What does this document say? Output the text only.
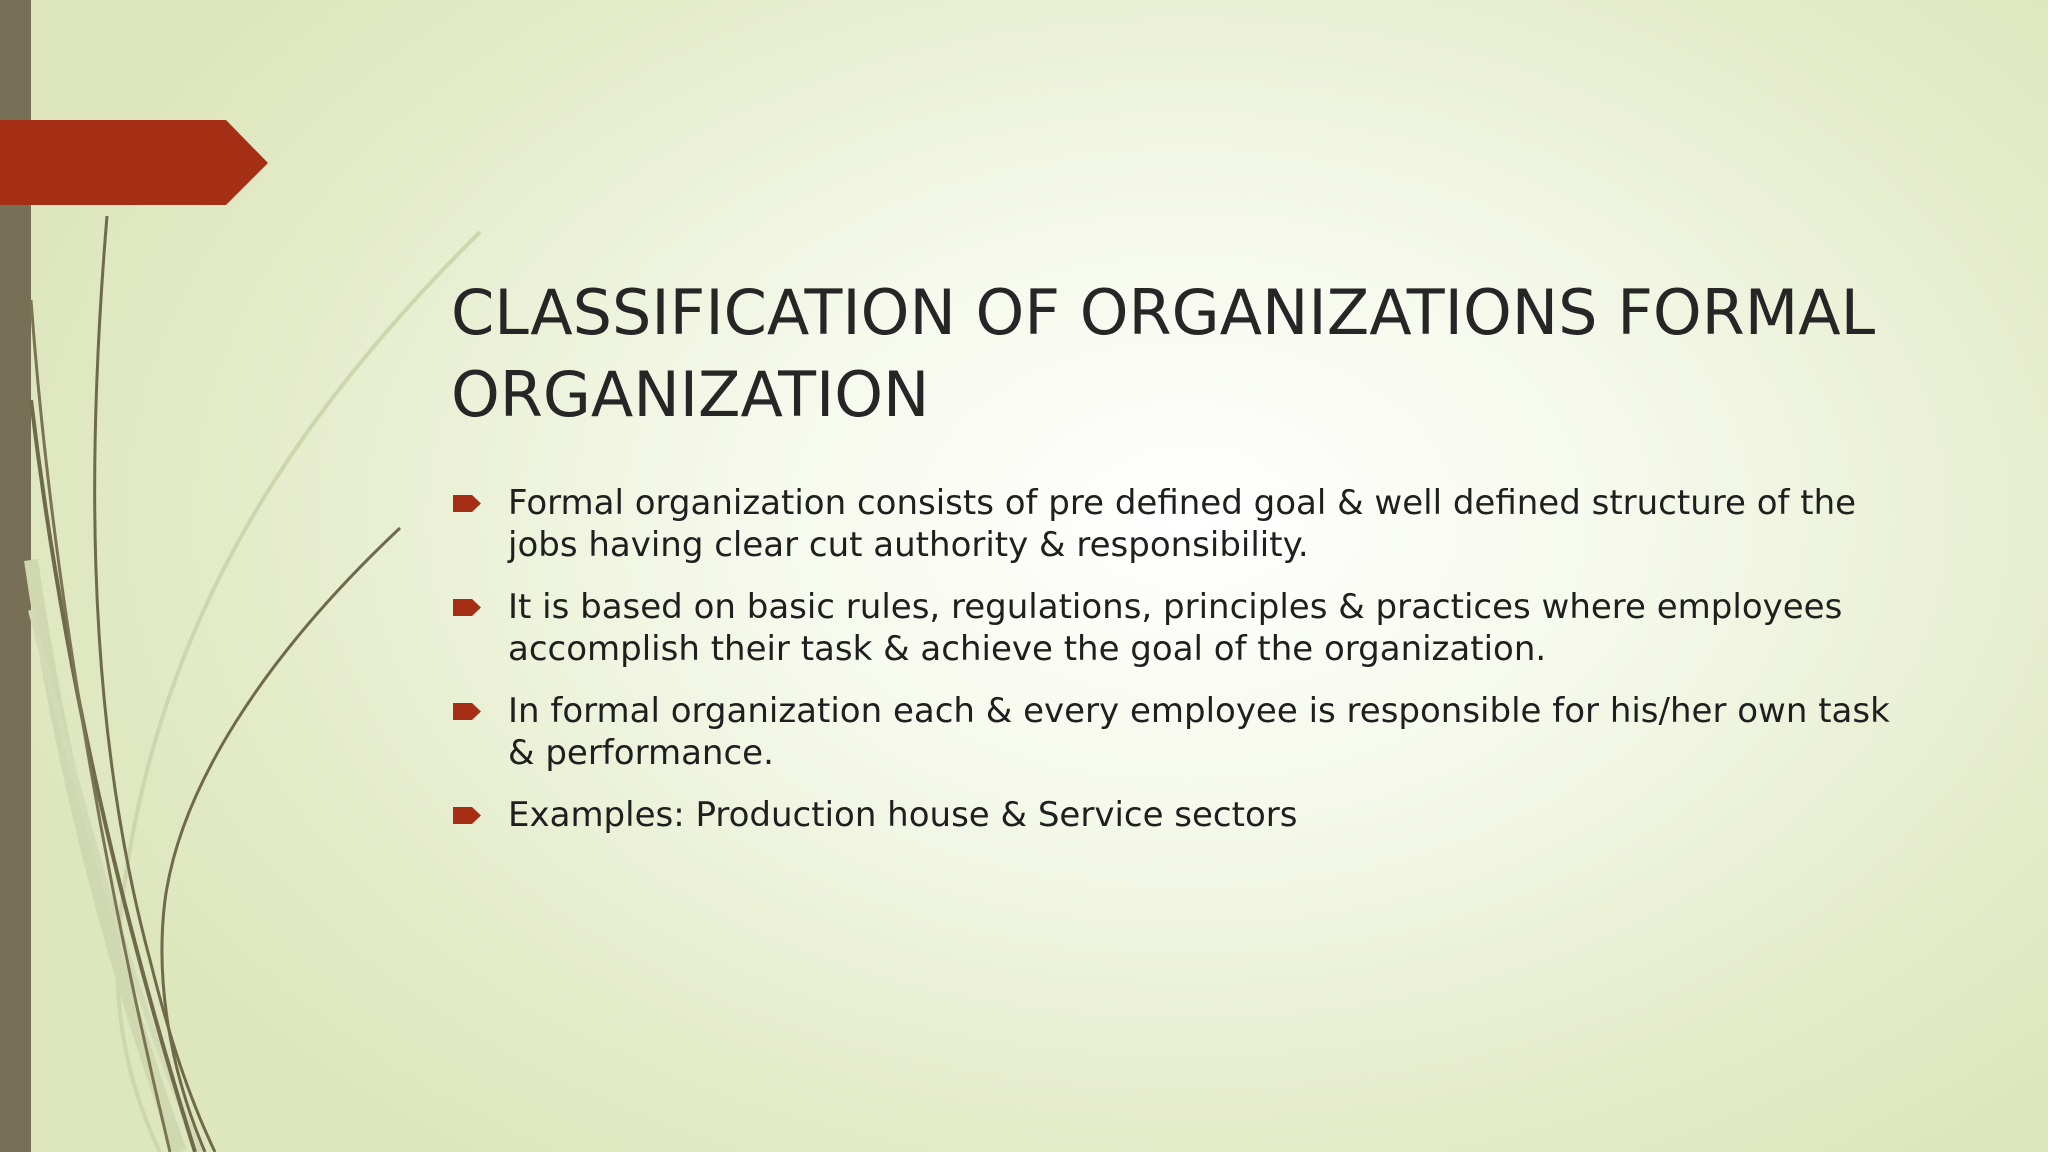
CLASSIFICATION OF ORGANIZATIONS FORMAL ORGANIZATION
Formal organization consists of pre defined goal & well defined structure of the jobs having clear cut authority & responsibility.
It is based on basic rules, regulations, principles & practices where employees accomplish their task & achieve the goal of the organization.
In formal organization each & every employee is responsible for his/her own task & performance.
Examples: Production house & Service sectors
